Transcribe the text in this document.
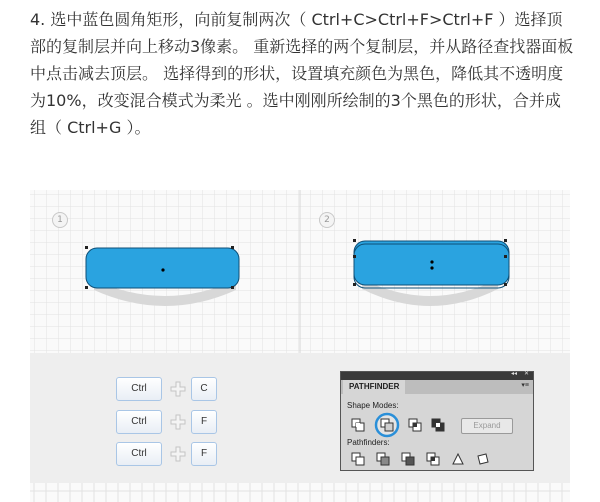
4. 选中蓝色圆角矩形，向前复制两次（ Ctrl+C>Ctrl+F>Ctrl+F ）选择顶部的复制层并向上移动3像素。 重新选择的两个复制层，并从路径查找器面板中点击减去顶层。 选择得到的形状，设置填充颜色为黑色，降低其不透明度为10%，改变混合模式为柔光 。选中刚刚所绘制的3个黑色的形状，合并成组（ Ctrl+G ）。

1	2
Ctrl	C
Ctrl	F
Ctrl	F
◂◂ ✕
PATHFINDER	▾≡
Shape Modes:
Expand
Pathfinders:
